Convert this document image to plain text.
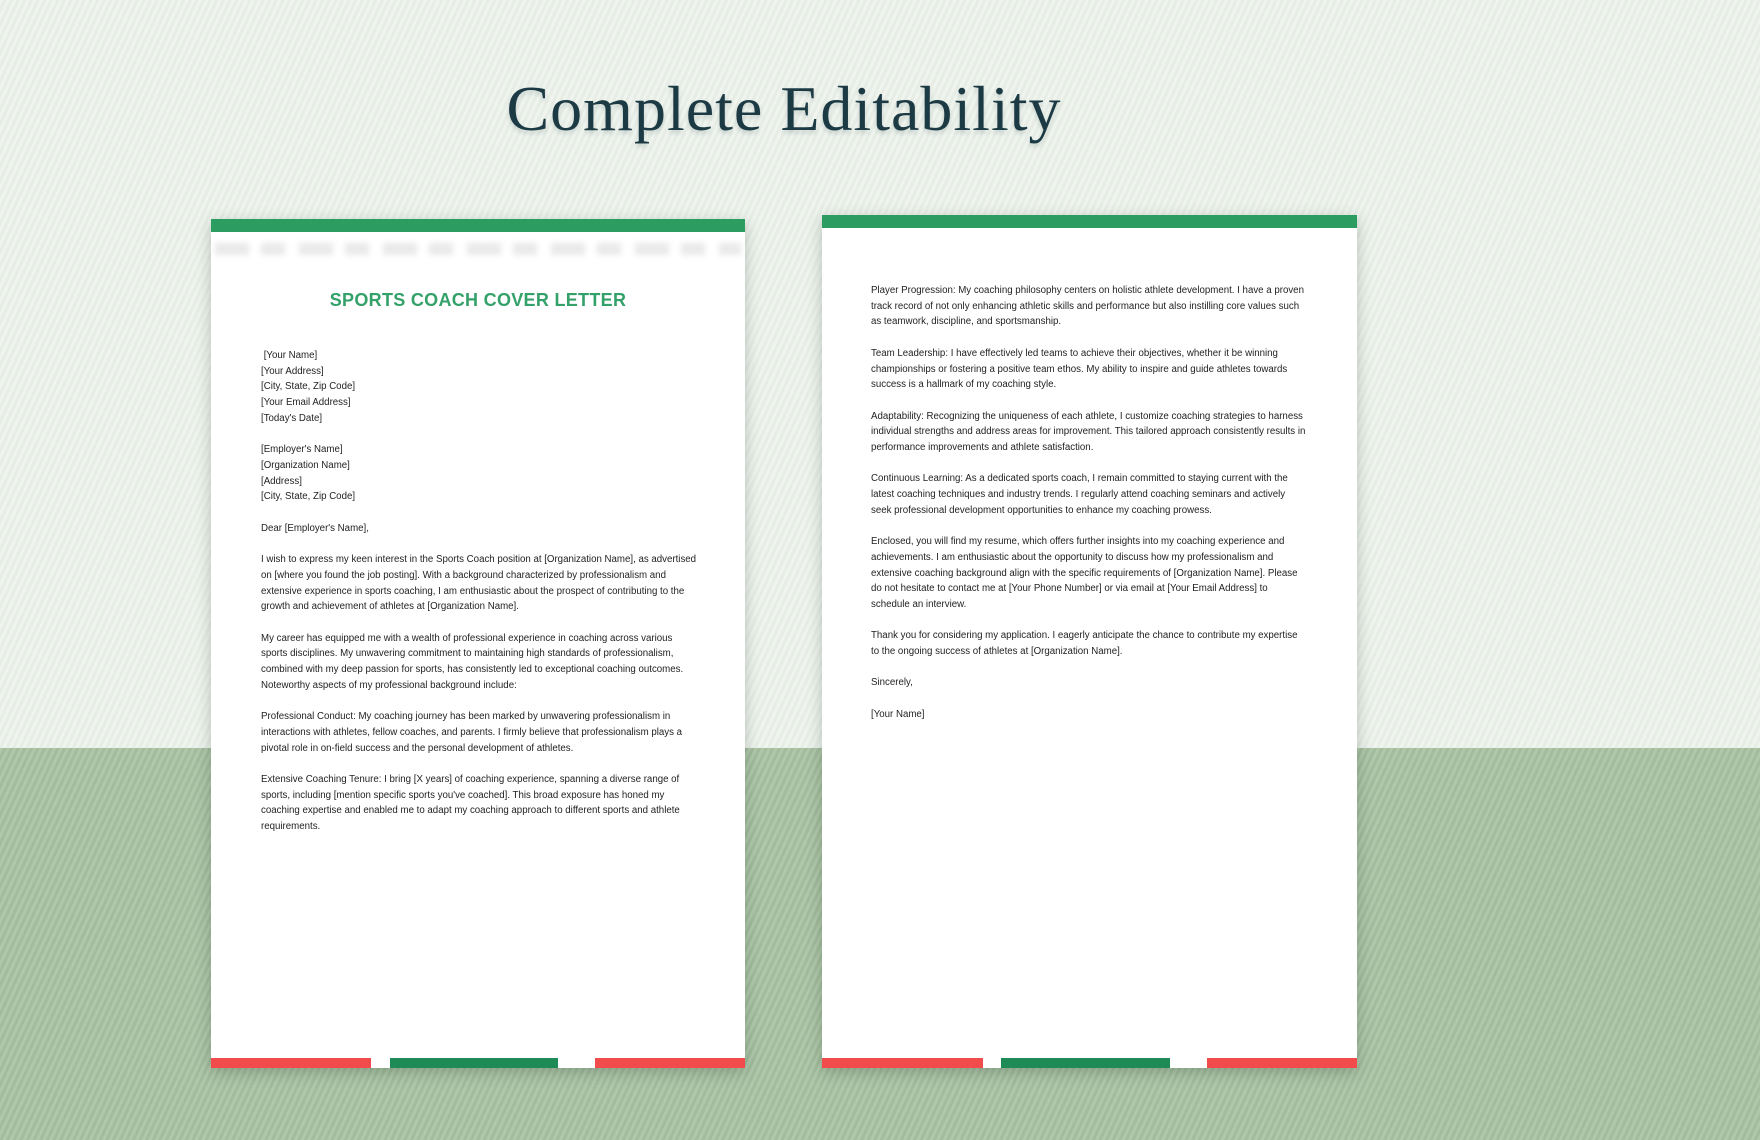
Complete Editability
SPORTS COACH COVER LETTER

[Your Name]

[Your Address]

[City, State, Zip Code]

[Your Email Address]

[Today's Date]

[Employer's Name]

[Organization Name]

[Address]

[City, State, Zip Code]

Dear [Employer's Name],

I wish to express my keen interest in the Sports Coach position at [Organization Name], as advertised on [where you found the job posting]. With a background characterized by professionalism and extensive experience in sports coaching, I am enthusiastic about the prospect of contributing to the growth and achievement of athletes at [Organization Name].

My career has equipped me with a wealth of professional experience in coaching across various sports disciplines. My unwavering commitment to maintaining high standards of professionalism, combined with my deep passion for sports, has consistently led to exceptional coaching outcomes. Noteworthy aspects of my professional background include:

Professional Conduct: My coaching journey has been marked by unwavering professionalism in interactions with athletes, fellow coaches, and parents. I firmly believe that professionalism plays a pivotal role in on-field success and the personal development of athletes.

Extensive Coaching Tenure: I bring [X years] of coaching experience, spanning a diverse range of sports, including [mention specific sports you've coached]. This broad exposure has honed my coaching expertise and enabled me to adapt my coaching approach to different sports and athlete requirements.

Player Progression: My coaching philosophy centers on holistic athlete development. I have a proven track record of not only enhancing athletic skills and performance but also instilling core values such as teamwork, discipline, and sportsmanship.

Team Leadership: I have effectively led teams to achieve their objectives, whether it be winning championships or fostering a positive team ethos. My ability to inspire and guide athletes towards success is a hallmark of my coaching style.

Adaptability: Recognizing the uniqueness of each athlete, I customize coaching strategies to harness individual strengths and address areas for improvement. This tailored approach consistently results in performance improvements and athlete satisfaction.

Continuous Learning: As a dedicated sports coach, I remain committed to staying current with the latest coaching techniques and industry trends. I regularly attend coaching seminars and actively seek professional development opportunities to enhance my coaching prowess.

Enclosed, you will find my resume, which offers further insights into my coaching experience and achievements. I am enthusiastic about the opportunity to discuss how my professionalism and extensive coaching background align with the specific requirements of [Organization Name]. Please do not hesitate to contact me at [Your Phone Number] or via email at [Your Email Address] to schedule an interview.

Thank you for considering my application. I eagerly anticipate the chance to contribute my expertise to the ongoing success of athletes at [Organization Name].

Sincerely,

[Your Name]
